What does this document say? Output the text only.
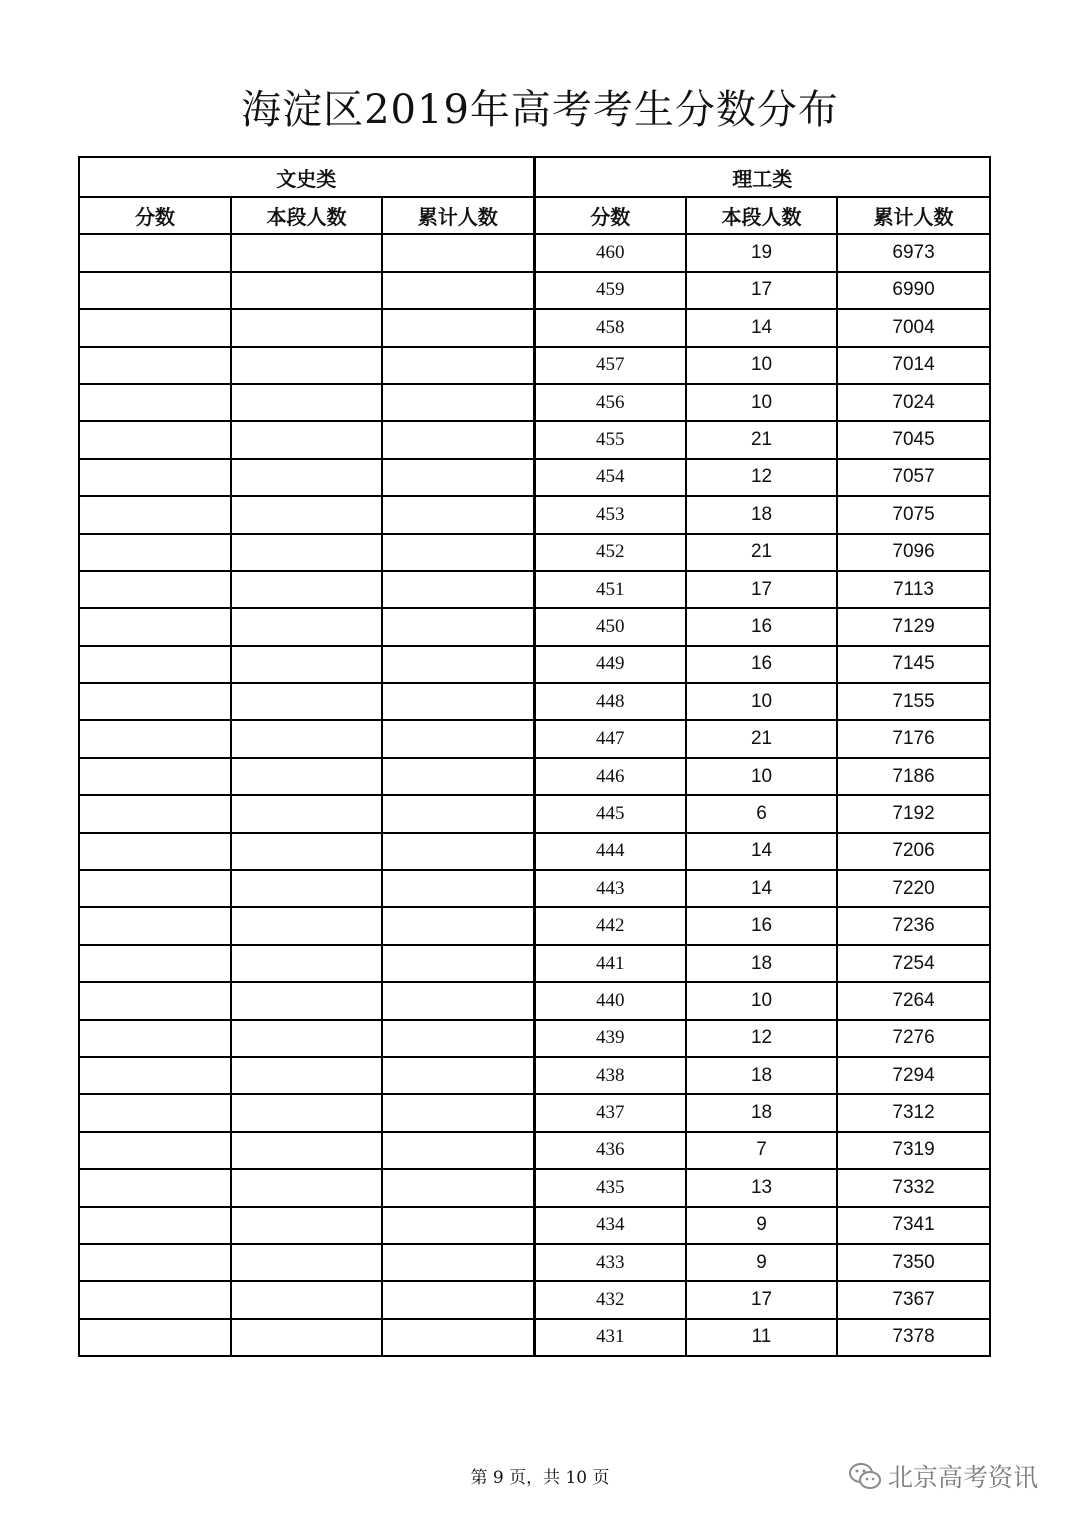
海淀区2019年高考考生分数分布
文史类			理工类		
分数	本段人数	累计人数	分数	本段人数	累计人数
			460	19	6973
			459	17	6990
			458	14	7004
			457	10	7014
			456	10	7024
			455	21	7045
			454	12	7057
			453	18	7075
			452	21	7096
			451	17	7113
			450	16	7129
			449	16	7145
			448	10	7155
			447	21	7176
			446	10	7186
			445	6	7192
			444	14	7206
			443	14	7220
			442	16	7236
			441	18	7254
			440	10	7264
			439	12	7276
			438	18	7294
			437	18	7312
			436	7	7319
			435	13	7332
			434	9	7341
			433	9	7350
			432	17	7367
			431	11	7378
第 9 页，共 10 页	北京高考资讯
